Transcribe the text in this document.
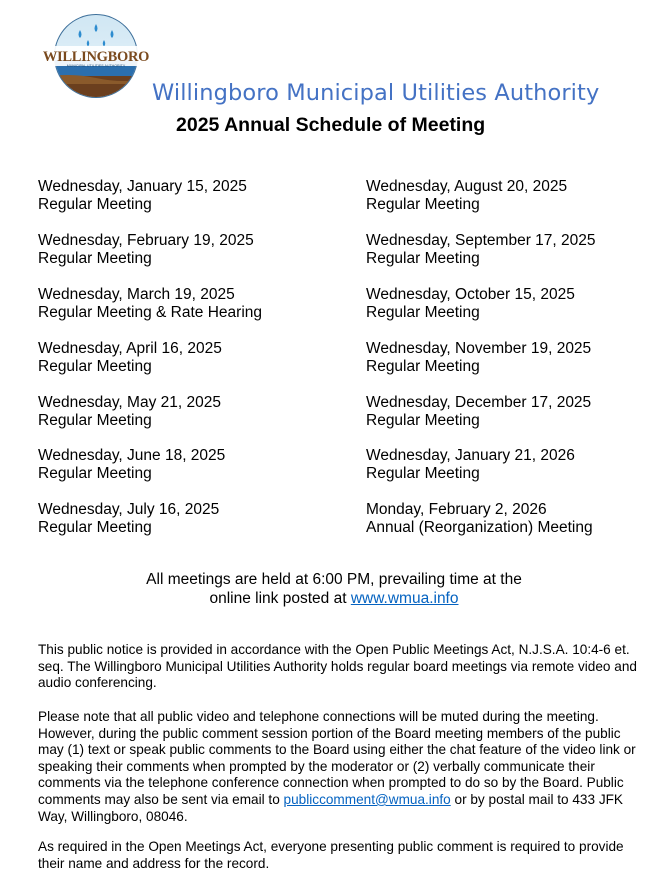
WILLINGBORO
MUNICIPAL UTILITIES AUTHORITY
Willingboro Municipal Utilities Authority
2025 Annual Schedule of Meeting
Wednesday, January 15, 2025
Regular Meeting
Wednesday, February 19, 2025
Regular Meeting
Wednesday, March 19, 2025
Regular Meeting & Rate Hearing
Wednesday, April 16, 2025
Regular Meeting
Wednesday, May 21, 2025
Regular Meeting
Wednesday, June 18, 2025
Regular Meeting
Wednesday, July 16, 2025
Regular Meeting
Wednesday, August 20, 2025
Regular Meeting
Wednesday, September 17, 2025
Regular Meeting
Wednesday, October 15, 2025
Regular Meeting
Wednesday, November 19, 2025
Regular Meeting
Wednesday, December 17, 2025
Regular Meeting
Wednesday, January 21, 2026
Regular Meeting
Monday, February 2, 2026
Annual (Reorganization) Meeting
All meetings are held at 6:00 PM, prevailing time at the
online link posted at www.wmua.info
This public notice is provided in accordance with the Open Public Meetings Act, N.J.S.A. 10:4-6 et. seq. The Willingboro Municipal Utilities Authority holds regular board meetings via remote video and audio conferencing.
Please note that all public video and telephone connections will be muted during the meeting. However, during the public comment session portion of the Board meeting members of the public may (1) text or speak public comments to the Board using either the chat feature of the video link or speaking their comments when prompted by the moderator or (2) verbally communicate their comments via the telephone conference connection when prompted to do so by the Board. Public comments may also be sent via email to publiccomment@wmua.info or by postal mail to 433 JFK Way, Willingboro, 08046.
As required in the Open Meetings Act, everyone presenting public comment is required to provide their name and address for the record.
